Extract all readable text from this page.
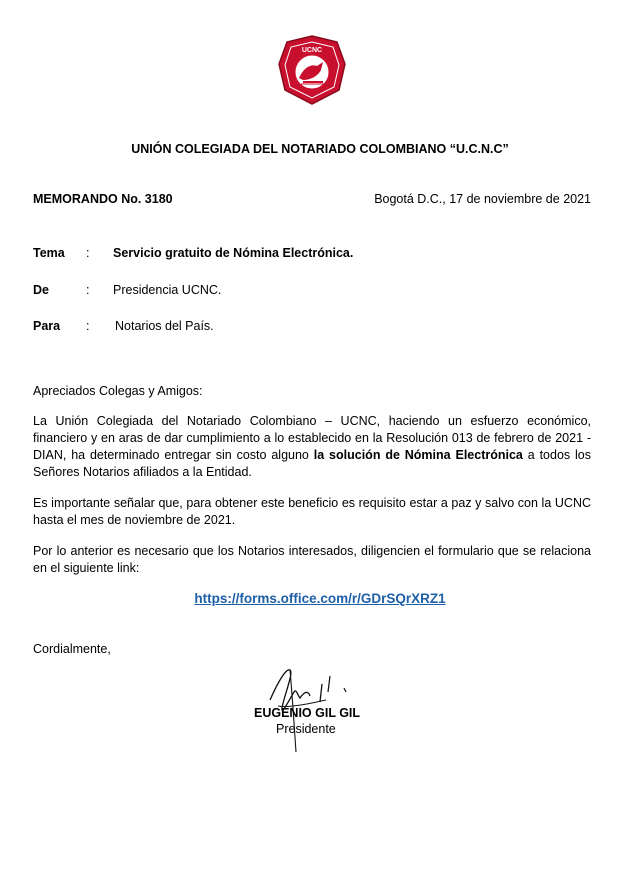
UCNC
UNIÓN COLEGIADA DEL NOTARIADO COLOMBIANO “U.C.N.C”
MEMORANDO No. 3180	Bogotá D.C., 17 de noviembre de 2021
Tema : Servicio gratuito de Nómina Electrónica.
De	: Presidencia UCNC.
Para : Notarios del País.
Apreciados Colegas y Amigos:
La Unión Colegiada del Notariado Colombiano – UCNC, haciendo un esfuerzo económico, financiero y en aras de dar cumplimiento a lo establecido en la Resolución 013 de febrero de 2021 - DIAN, ha determinado entregar sin costo alguno la solución de Nómina Electrónica a todos los Señores Notarios afiliados a la Entidad.
Es importante señalar que, para obtener este beneficio es requisito estar a paz y salvo con la UCNC hasta el mes de noviembre de 2021.
Por lo anterior es necesario que los Notarios interesados, diligencien el formulario que se relaciona en el siguiente link:
https://forms.office.com/r/GDrSQrXRZ1
Cordialmente,
EUGENIO GIL GIL
Presidente
